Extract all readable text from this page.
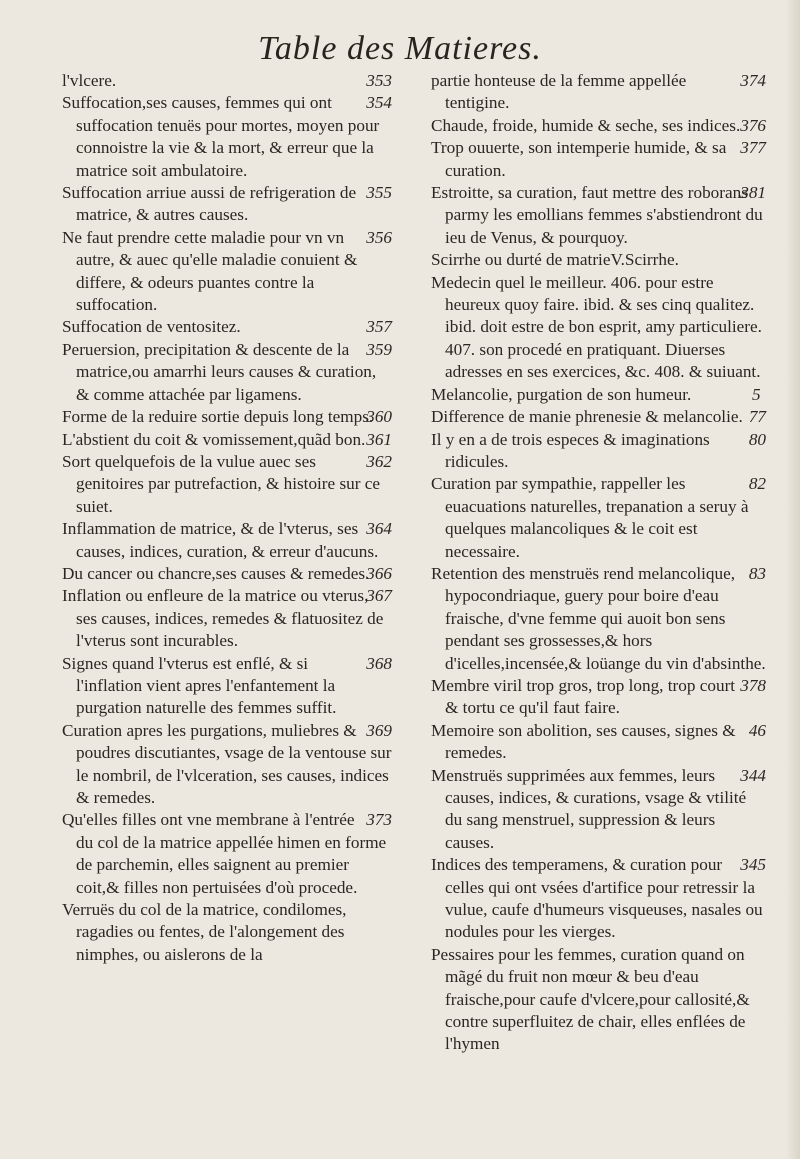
Table des Matieres.

353
l'vlcere.

354
Suffocation,ses causes, femmes qui ont suffocation tenuës pour mortes, moyen pour connoistre la vie & la mort, & erreur que la matrice soit ambulatoire.

355
Suffocation arriue aussi de refrigeration de matrice, & autres causes.

356
Ne faut prendre cette maladie pour vn vn autre, & auec qu'elle maladie conuient & differe, & odeurs puantes contre la suffocation.

357
Suffocation de ventositez.

359
Peruersion, precipitation & descente de la matrice,ou amarrhi leurs causes & curation, & comme attachée par ligamens.

360
Forme de la reduire sortie depuis long temps.

361
L'abstient du coit & vomissement,quãd bon.

362
Sort quelquefois de la vulue auec ses genitoires par putrefaction, & histoire sur ce suiet.

364
Inflammation de matrice, & de l'vterus, ses causes, indices, curation, & erreur d'aucuns.

366
Du cancer ou chancre,ses causes & remedes.

367
Inflation ou enfleure de la matrice ou vterus, ses causes, indices, remedes & flatuositez de l'vterus sont incurables.

368
Signes quand l'vterus est enflé, & si l'inflation vient apres l'enfantement la purgation naturelle des femmes suffit.

369
Curation apres les purgations, muliebres & poudres discutiantes, vsage de la ventouse sur le nombril, de l'vlceration, ses causes, indices & remedes.

373
Qu'elles filles ont vne membrane à l'entrée du col de la matrice appellée himen en forme de parchemin, elles saignent au premier coit,& filles non pertuisées d'où procede.

Verruës du col de la matrice, condilomes, ragadies ou fentes, de l'alongement des nimphes, ou aislerons de la

374
partie honteuse de la femme appellée tentigine.

376
Chaude, froide, humide & seche, ses indices.

377
Trop ouuerte, son intemperie humide, & sa curation.

381
Estroitte, sa curation, faut mettre des roborans parmy les emollians femmes s'abstiendront du ieu de Venus, & pourquoy.

Scirrhe ou durté de matrieV.Scirrhe.

Medecin quel le meilleur. 406. pour estre heureux quoy faire. ibid. & ses cinq qualitez. ibid. doit estre de bon esprit, amy particuliere. 407. son procedé en pratiquant. Diuerses adresses en ses exercices, &c. 408. & suiuant.

5
Melancolie, purgation de son humeur.

77
Difference de manie phrenesie & melancolie.

80
Il y en a de trois especes & imaginations ridicules.

82
Curation par sympathie, rappeller les euacuations naturelles, trepanation a seruy à quelques malancoliques & le coit est necessaire.

83
Retention des menstruës rend melancolique, hypocondriaque, guery pour boire d'eau fraische, d'vne femme qui auoit bon sens pendant ses grossesses,& hors d'icelles,incensée,& loüange du vin d'absinthe.

378
Membre viril trop gros, trop long, trop court & tortu ce qu'il faut faire.

46
Memoire son abolition, ses causes, signes & remedes.

344
Menstruës supprimées aux femmes, leurs causes, indices, & curations, vsage & vtilité du sang menstruel, suppression & leurs causes.

345
Indices des temperamens, & curation pour celles qui ont vsées d'artifice pour retressir la vulue, caufe d'humeurs visqueuses, nasales ou nodules pour les vierges.

Pessaires pour les femmes, curation quand on mãgé du fruit non mœur & beu d'eau fraische,pour caufe d'vlcere,pour callosité,& contre superfluitez de chair, elles enflées de l'hymen
